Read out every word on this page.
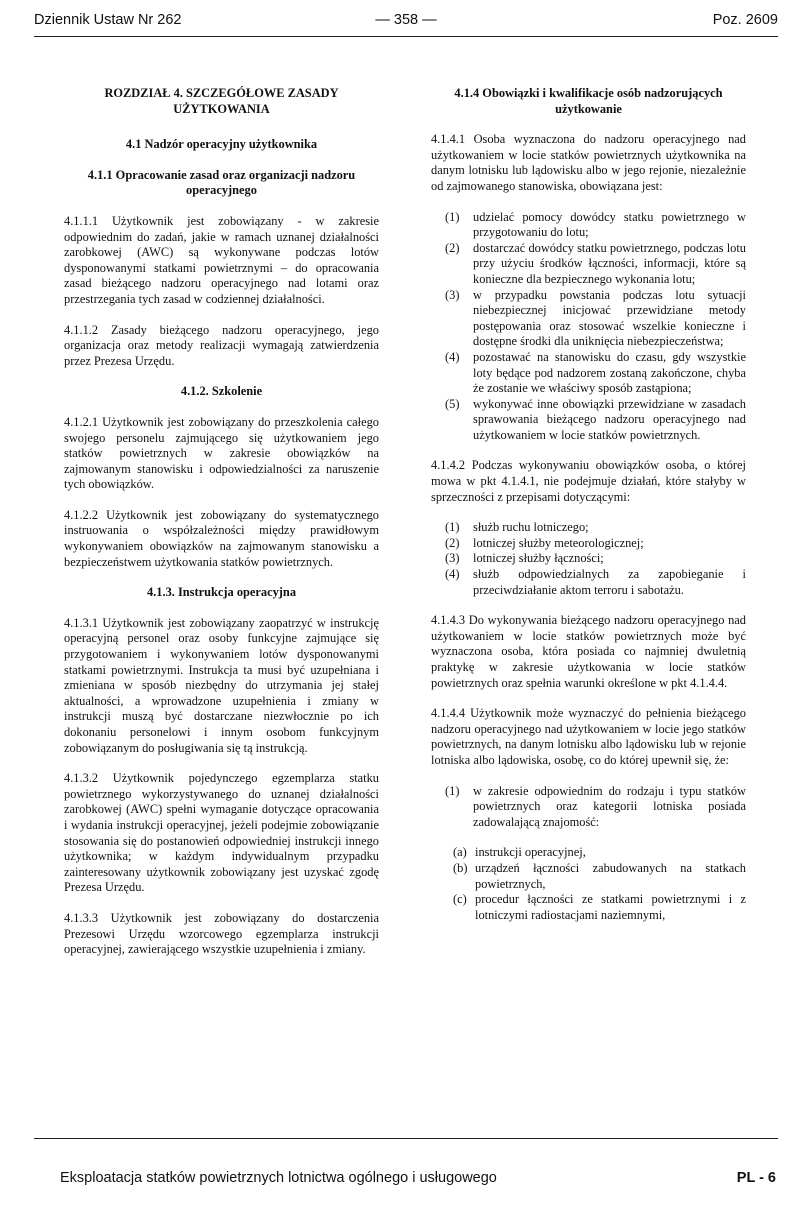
Dziennik Ustaw Nr 262	— 358 —	Poz. 2609
ROZDZIAŁ 4. SZCZEGÓŁOWE ZASADY UŻYTKOWANIA
4.1 Nadzór operacyjny użytkownika
4.1.1 Opracowanie zasad oraz organizacji nadzoru operacyjnego

4.1.1.1 Użytkownik jest zobowiązany - w zakresie odpowiednim do zadań, jakie w ramach uznanej działalności zarobkowej (AWC) są wykonywane podczas lotów dysponowanymi statkami powietrznymi – do opracowania zasad bieżącego nadzoru operacyjnego nad lotami oraz przestrzegania tych zasad w codziennej działalności.

4.1.1.2 Zasady bieżącego nadzoru operacyjnego, jego organizacja oraz metody realizacji wymagają zatwierdzenia przez Prezesa Urzędu.

4.1.2. Szkolenie

4.1.2.1 Użytkownik jest zobowiązany do przeszkolenia całego swojego personelu zajmującego się użytkowaniem jego statków powietrznych w zakresie obowiązków na zajmowanym stanowisku i odpowiedzialności za naruszenie tych obowiązków.

4.1.2.2 Użytkownik jest zobowiązany do systematycznego instruowania o współzależności między prawidłowym wykonywaniem obowiązków na zajmowanym stanowisku a bezpieczeństwem użytkowania statków powietrznych.

4.1.3. Instrukcja operacyjna

4.1.3.1 Użytkownik jest zobowiązany zaopatrzyć w instrukcję operacyjną personel oraz osoby funkcyjne zajmujące się przygotowaniem i wykonywaniem lotów dysponowanymi statkami powietrznymi. Instrukcja ta musi być uzupełniana i zmieniana w sposób niezbędny do utrzymania jej stałej aktualności, a wprowadzone uzupełnienia i zmiany w instrukcji muszą być dostarczane niezwłocznie po ich dokonaniu personelowi i innym osobom funkcyjnym zobowiązanym do posługiwania się tą instrukcją.

4.1.3.2 Użytkownik pojedynczego egzemplarza statku powietrznego wykorzystywanego do uznanej działalności zarobkowej (AWC) spełni wymaganie dotyczące opracowania i wydania instrukcji operacyjnej, jeżeli podejmie zobowiązanie stosowania się do postanowień odpowiedniej instrukcji innego użytkownika; w każdym indywidualnym przypadku zainteresowany użytkownik zobowiązany jest uzyskać zgodę Prezesa Urzędu.

4.1.3.3 Użytkownik jest zobowiązany do dostarczenia Prezesowi Urzędu wzorcowego egzemplarza instrukcji operacyjnej, zawierającego wszystkie uzupełnienia i zmiany.

4.1.4 Obowiązki i kwalifikacje osób nadzorujących użytkowanie

4.1.4.1 Osoba wyznaczona do nadzoru operacyjnego nad użytkowaniem w locie statków powietrznych użytkownika na danym lotnisku lub lądowisku albo w jego rejonie, niezależnie od zajmowanego stanowiska, obowiązana jest:

(1) udzielać pomocy dowódcy statku powietrznego w przygotowaniu do lotu;
(2) dostarczać dowódcy statku powietrznego, podczas lotu przy użyciu środków łączności, informacji, które są konieczne dla bezpiecznego wykonania lotu;
(3) w przypadku powstania podczas lotu sytuacji niebezpiecznej inicjować przewidziane metody postępowania oraz stosować wszelkie konieczne i dostępne środki dla uniknięcia niebezpieczeństwa;
(4) pozostawać na stanowisku do czasu, gdy wszystkie loty będące pod nadzorem zostaną zakończone, chyba że zostanie we właściwy sposób zastąpiona;
(5) wykonywać inne obowiązki przewidziane w zasadach sprawowania bieżącego nadzoru operacyjnego nad użytkowaniem w locie statków powietrznych.

4.1.4.2 Podczas wykonywaniu obowiązków osoba, o której mowa w pkt 4.1.4.1, nie podejmuje działań, które stałyby w sprzeczności z przepisami dotyczącymi:

(1) służb ruchu lotniczego;
(2) lotniczej służby meteorologicznej;
(3) lotniczej służby łączności;
(4) służb odpowiedzialnych za zapobieganie i przeciwdziałanie aktom terroru i sabotażu.

4.1.4.3 Do wykonywania bieżącego nadzoru operacyjnego nad użytkowaniem w locie statków powietrznych może być wyznaczona osoba, która posiada co najmniej dwuletnią praktykę w zakresie użytkowania w locie statków powietrznych oraz spełnia warunki określone w pkt 4.1.4.4.

4.1.4.4 Użytkownik może wyznaczyć do pełnienia bieżącego nadzoru operacyjnego nad użytkowaniem w locie jego statków powietrznych, na danym lotnisku albo lądowisku lub w rejonie lotniska albo lądowiska, osobę, co do której upewnił się, że:

(1) w zakresie odpowiednim do rodzaju i typu statków powietrznych oraz kategorii lotniska posiada zadowalającą znajomość:
(a) instrukcji operacyjnej,
(b) urządzeń łączności zabudowanych na statkach powietrznych,
(c) procedur łączności ze statkami powietrznymi i z lotniczymi radiostacjami naziemnymi,
Eksploatacja statków powietrznych lotnictwa ogólnego i usługowego	PL - 6
